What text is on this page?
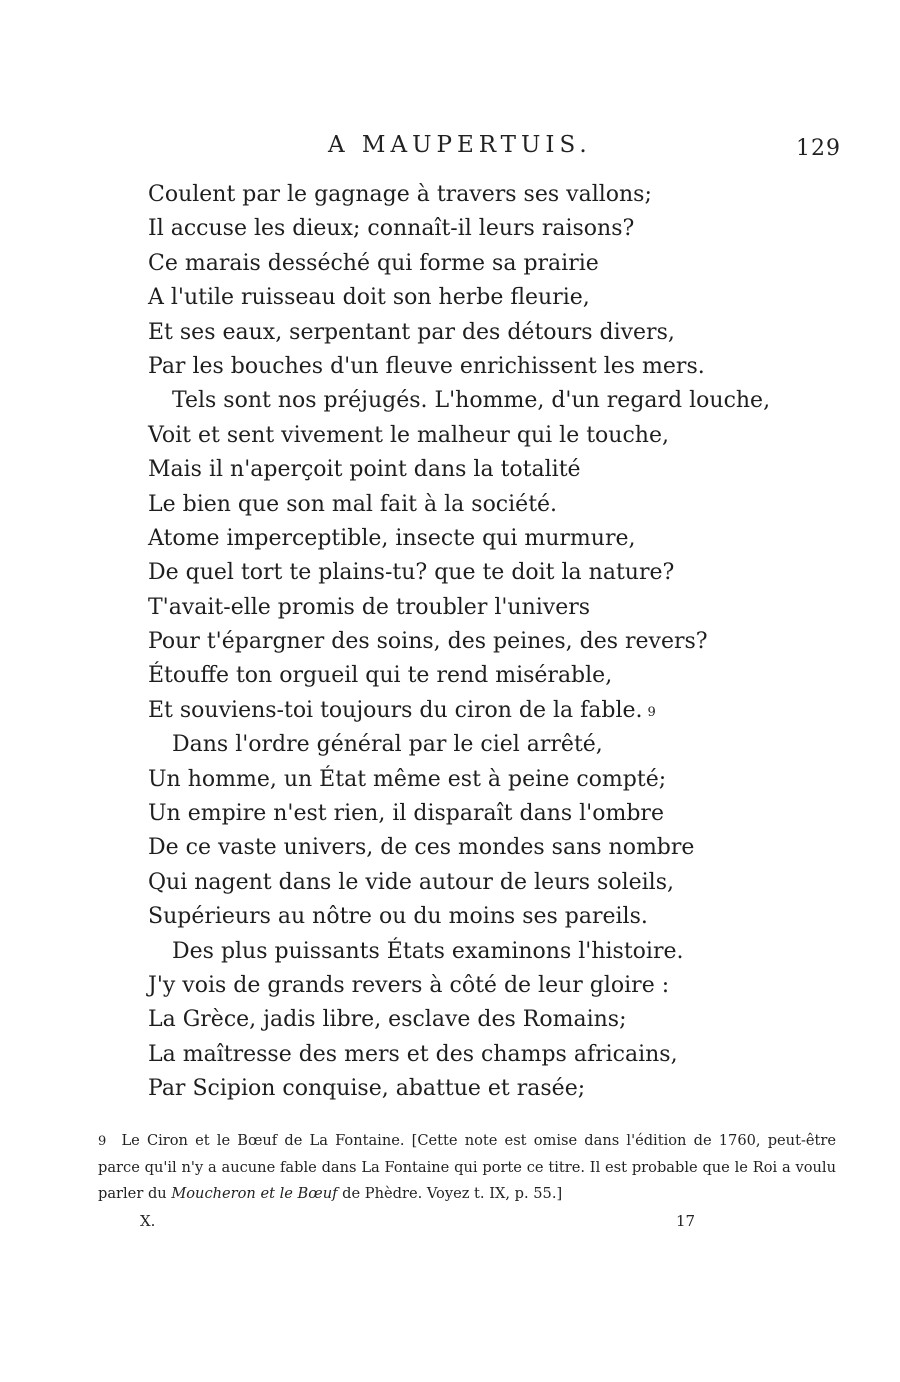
A MAUPERTUIS.	129
Coulent par le gagnage à travers ses vallons;
Il accuse les dieux; connaît-il leurs raisons?
Ce marais desséché qui forme sa prairie
A l'utile ruisseau doit son herbe fleurie,
Et ses eaux, serpentant par des détours divers,
Par les bouches d'un fleuve enrichissent les mers.
Tels sont nos préjugés. L'homme, d'un regard louche,
Voit et sent vivement le malheur qui le touche,
Mais il n'aperçoit point dans la totalité
Le bien que son mal fait à la société.
Atome imperceptible, insecte qui murmure,
De quel tort te plains-tu? que te doit la nature?
T'avait-elle promis de troubler l'univers
Pour t'épargner des soins, des peines, des revers?
Étouffe ton orgueil qui te rend misérable,
Et souviens-toi toujours du ciron de la fable. 9
Dans l'ordre général par le ciel arrêté,
Un homme, un État même est à peine compté;
Un empire n'est rien, il disparaît dans l'ombre
De ce vaste univers, de ces mondes sans nombre
Qui nagent dans le vide autour de leurs soleils,
Supérieurs au nôtre ou du moins ses pareils.
Des plus puissants États examinons l'histoire.
J'y vois de grands revers à côté de leur gloire :
La Grèce, jadis libre, esclave des Romains;
La maîtresse des mers et des champs africains,
Par Scipion conquise, abattue et rasée;
9 Le Ciron et le Bœuf de La Fontaine. [Cette note est omise dans l'édition de 1760, peut-être parce qu'il n'y a aucune fable dans La Fontaine qui porte ce titre. Il est probable que le Roi a voulu parler du Moucheron et le Bœuf de Phèdre. Voyez t. IX, p. 55.]
X.	17
